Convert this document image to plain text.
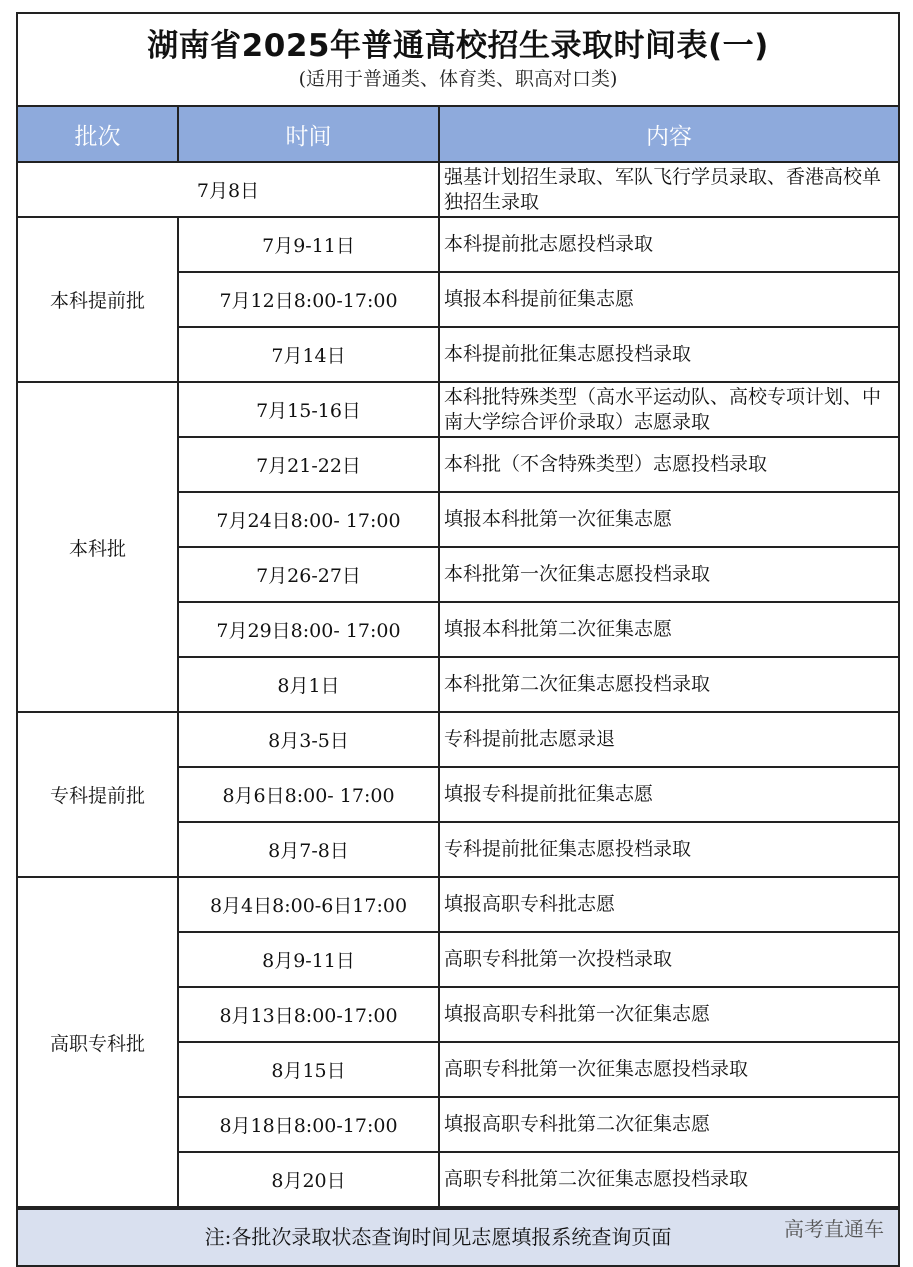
湖南省2025年普通高校招生录取时间表(一)
(适用于普通类、体育类、职高对口类)
批次	时间	内容
7月8日		强基计划招生录取、军队飞行学员录取、香港高校单独招生录取
本科提前批	7月9-11日	本科提前批志愿投档录取
	7月12日8:00-17:00	填报本科提前征集志愿
	7月14日	本科提前批征集志愿投档录取
本科批	7月15-16日	本科批特殊类型（高水平运动队、高校专项计划、中南大学综合评价录取）志愿录取
	7月21-22日	本科批（不含特殊类型）志愿投档录取
	7月24日8:00- 17:00	填报本科批第一次征集志愿
	7月26-27日	本科批第一次征集志愿投档录取
	7月29日8:00- 17:00	填报本科批第二次征集志愿
	8月1日	本科批第二次征集志愿投档录取
专科提前批	8月3-5日	专科提前批志愿录退
	8月6日8:00- 17:00	填报专科提前批征集志愿
	8月7-8日	专科提前批征集志愿投档录取
高职专科批	8月4日8:00-6日17:00	填报高职专科批志愿
	8月9-11日	高职专科批第一次投档录取
	8月13日8:00-17:00	填报高职专科批第一次征集志愿
	8月15日	高职专科批第一次征集志愿投档录取
	8月18日8:00-17:00	填报高职专科批第二次征集志愿
	8月20日	高职专科批第二次征集志愿投档录取
注:各批次录取状态查询时间见志愿填报系统查询页面	高考直通车
